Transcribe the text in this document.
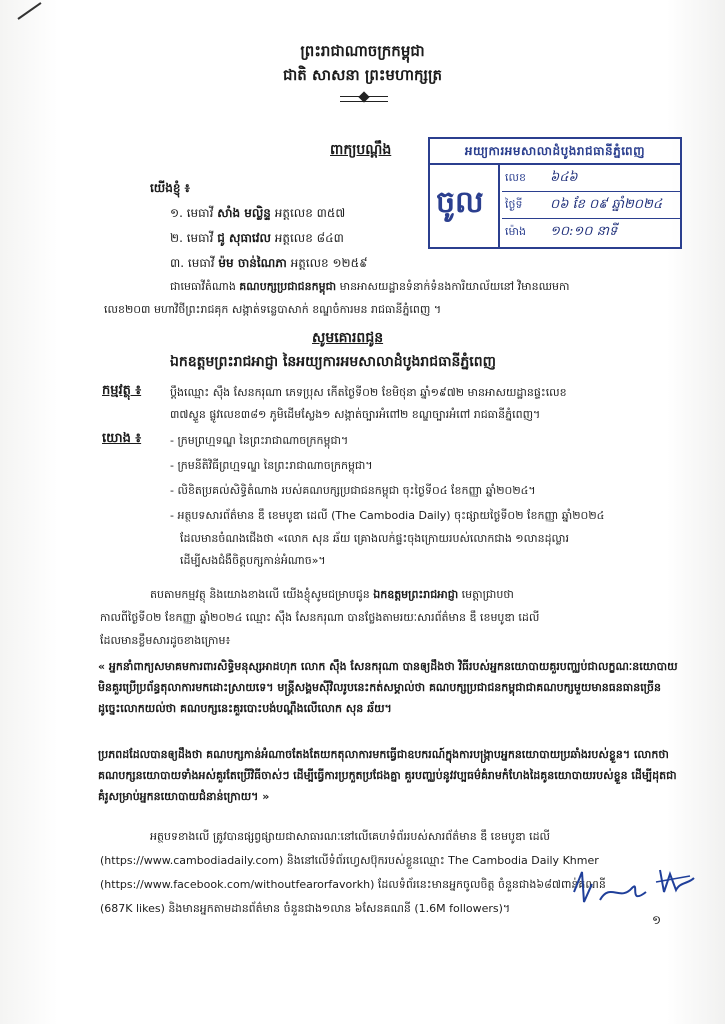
ព្រះរាជាណាចក្រកម្ពុជា
ជាតិ សាសនា ព្រះមហាក្សត្រ
ពាក្យបណ្ដឹង	អយ្យការអមសាលាដំបូងរាជធានីភ្នំពេញ
ចូល
លេខ ៦៤៦
ថ្ងៃទី ០៦ ខែ ០៩ ឆ្នាំ២០២៤
ម៉ោង ១០:១០ នាទី
យើងខ្ញុំ ៖
១. មេធាវី សាំង មល្លិន្ទ អត្តលេខ ៣៥៧
២. មេធាវី ជូ សុធាវេល អត្តលេខ ៨៤៣
៣. មេធាវី ម៉ម ចាន់ណៃភា អត្តលេខ ១២៥៩
ជាមេធាវីតំណាង គណបក្សប្រជាជនកម្ពុជា មានអាសយដ្ឋានទំនាក់ទំនងការិយាល័យនៅ វិមានឈមកា
លេខ២០៣ មហាវិថីព្រះរាជគុក សង្កាត់ទន្លេបាសាក់ ខណ្ឌចំការមន រាជធានីភ្នំពេញ ។
សូមគោរពជូន
ឯកឧត្តមព្រះរាជអាជ្ញា នៃអយ្យការអមសាលាដំបូងរាជធានីភ្នំពេញ
កម្មវត្ថុ ៖	ប្ដឹងឈ្មោះ ស៊ឹង សែនករុណា ភេទប្រុស កើតថ្ងៃទី០២ ខែមិថុនា ឆ្នាំ១៩៧២ មានអាសយដ្ឋានផ្ទះលេខ
៣៧ស្ទួន ផ្លូវលេខ៣៨១ ភូមិដើមស្លែង១ សង្កាត់ច្បារអំពៅ២ ខណ្ឌច្បារអំពៅ រាជធានីភ្នំពេញ។
យោង ៖	- ក្រមព្រហ្មទណ្ឌ នៃព្រះរាជាណាចក្រកម្ពុជា។
- ក្រមនីតិវិធីព្រហ្មទណ្ឌ នៃព្រះរាជាណាចក្រកម្ពុជា។
- លិខិតប្រគល់សិទ្ធិតំណាង របស់គណបក្សប្រជាជនកម្ពុជា ចុះថ្ងៃទី០៤ ខែកញ្ញា ឆ្នាំ២០២៤។
- អត្ថបទសារព័ត៌មាន ឌឹ ខេមបូឌា ដេលី (The Cambodia Daily) ចុះផ្សាយថ្ងៃទី០២ ខែកញ្ញា ឆ្នាំ២០២៤
ដែលមានចំណងជើងថា «លោក សុន ឆ័យ គ្រោងលក់ផ្ទះចុងក្រោយរបស់លោកជាង ១លានដុល្លារ
ដើម្បីសងជំងឺចិត្តបក្សកាន់អំណាច»។
តបតាមកម្មវត្ថុ និងយោងខាងលើ យើងខ្ញុំសូមជម្រាបជូន ឯកឧត្តមព្រះរាជអាជ្ញា មេត្តាជ្រាបថា
កាលពីថ្ងៃទី០២ ខែកញ្ញា ឆ្នាំ២០២៤ ឈ្មោះ ស៊ឹង សែនករុណា បានថ្លែងតាមរយៈសារព័ត៌មាន ឌឹ ខេមបូឌា ដេលី
ដែលមានខ្លឹមសារដូចខាងក្រោម៖
« អ្នកនាំពាក្យសមាគមការពារសិទ្ធិមនុស្សអាដហុក លោក ស៊ឹង សែនករុណា បានឲ្យដឹងថា វិធីរបស់អ្នកនយោបាយគួរបញ្ឈប់ជាលក្ខណៈនយោបាយ មិនគួរប្រើប្រព័ន្ធតុលាការមកដោះស្រាយទេ។ មន្ត្រីសង្គមស៊ីវិលរូបនេះកត់សម្គាល់ថា គណបក្សប្រជាជនកម្ពុជាជាគណបក្សមួយមានធនធានច្រើន ដូច្នេះលោកយល់ថា គណបក្សនេះគួរបោះបង់បណ្ដឹងលើលោក សុន ឆ័យ។
ប្រភពដដែលបានឲ្យដឹងថា គណបក្សកាន់អំណាចតែងតែយកតុលាការមកធ្វើជាឧបករណ៍ក្នុងការបង្ក្រាបអ្នកនយោបាយប្រឆាំងរបស់ខ្លួន។ លោកថា គណបក្សនយោបាយទាំងអស់គួរតែប្រើវិធីចាស់ៗ ដើម្បីធ្វើការប្រកួតប្រជែងគ្នា គួរបញ្ឈប់នូវវប្បធម៌គំរាមកំហែងដៃគូនយោបាយរបស់ខ្លួន ដើម្បីដុតជាគំរូសម្រាប់អ្នកនយោបាយជំនាន់ក្រោយ។ »
អត្ថបទខាងលើ ត្រូវបានផ្សព្វផ្សាយជាសាធារណៈនៅលើគេហទំព័ររបស់សារព័ត៌មាន ឌឹ ខេមបូឌា ដេលី
(https://www.cambodiadaily.com) និងនៅលើទំព័រហ្វេសប៊ុករបស់ខ្លួនឈ្មោះ The Cambodia Daily Khmer
(https://www.facebook.com/withoutfearorfavorkh) ដែលទំព័រនេះមានអ្នកចូលចិត្ត ចំនួនជាង៦៨៧ពាន់គណនី
(687K likes) និងមានអ្នកតាមដានព័ត៌មាន ចំនួនជាង១លាន ៦សែនគណនី (1.6M followers)។
១
